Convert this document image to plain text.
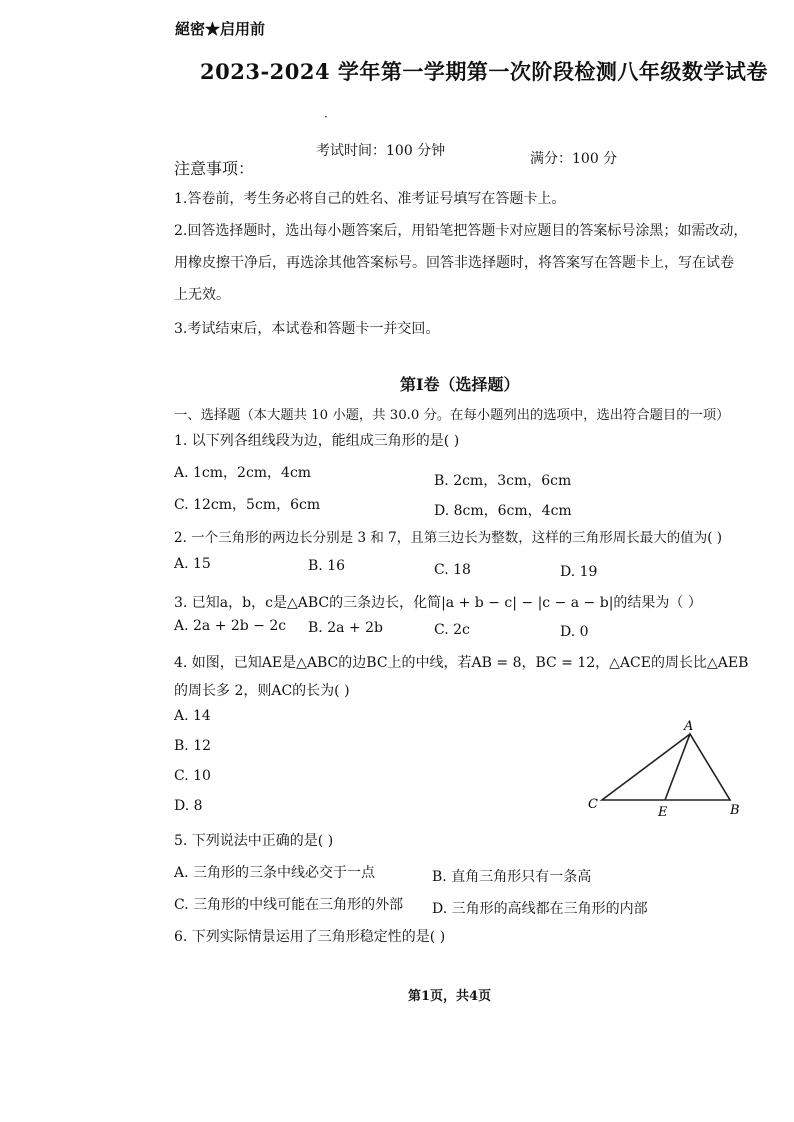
絕密★启用前
2023-2024 学年第一学期第一次阶段检测八年级数学试卷
·
考试时间：100 分钟	满分：100 分
注意事项：
1.答卷前，考生务必将自己的姓名、准考证号填写在答题卡上。
2.回答选择题时，选出每小题答案后，用铅笔把答题卡对应题目的答案标号涂黑；如需改动，
用橡皮擦干净后，再选涂其他答案标号。回答非选择题时，将答案写在答题卡上，写在试卷
上无效。
3.考试结束后，本试卷和答题卡一并交回。
第Ⅰ卷（选择题）
一、选择题（本大题共 10 小题，共 30.0 分。在每小题列出的选项中，选出符合题目的一项）
1. 以下列各组线段为边，能组成三角形的是( )
A. 1cm，2cm，4cm	B. 2cm，3cm，6cm
C. 12cm，5cm，6cm	D. 8cm，6cm，4cm
2. 一个三角形的两边长分别是 3 和 7，且第三边长为整数，这样的三角形周长最大的值为( )
A. 15	B. 16	C. 18	D. 19
3. 已知a，b，c是△ABC的三条边长，化简|a + b − c| − |c − a − b|的结果为（ ）
A. 2a + 2b − 2c B. 2a + 2b	C. 2c	D. 0
4. 如图，已知AE是△ABC的边BC上的中线，若AB = 8，BC = 12，△ACE的周长比△AEB
的周长多 2，则AC的长为( )
A. 14
B. 12
C. 10
D. 8
A
B
C
E
5. 下列说法中正确的是( )
A. 三角形的三条中线必交于一点	B. 直角三角形只有一条高
C. 三角形的中线可能在三角形的外部 D. 三角形的高线都在三角形的内部
6. 下列实际情景运用了三角形稳定性的是( )
第1页，共4页
